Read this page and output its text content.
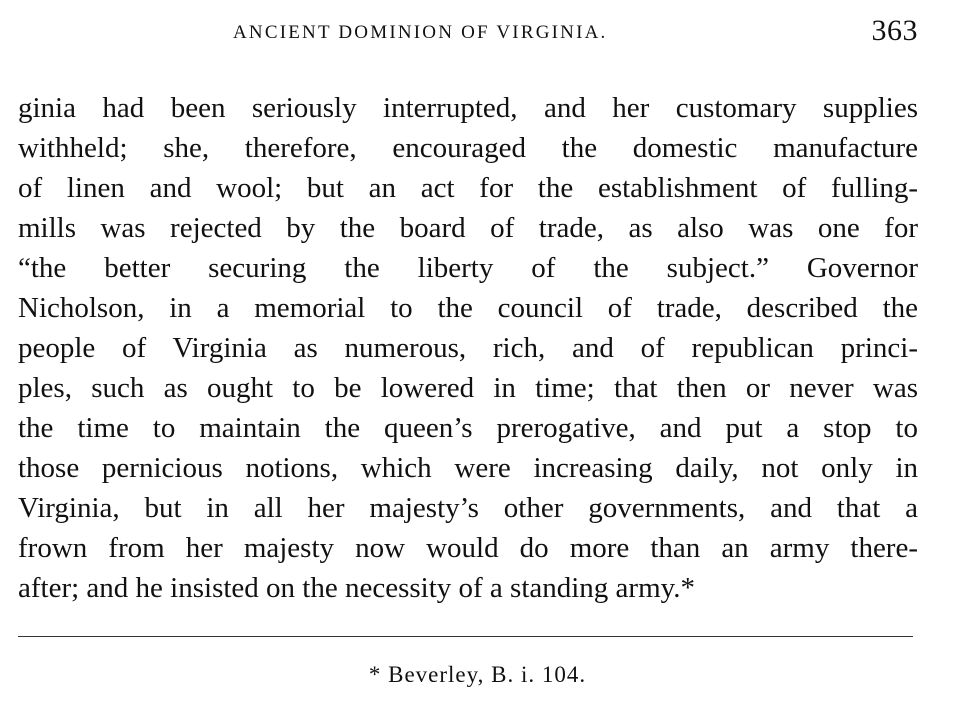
ANCIENT DOMINION OF VIRGINIA.	363
ginia had been seriously interrupted, and her customary supplies
withheld; she, therefore, encouraged the domestic manufacture
of linen and wool; but an act for the establishment of fulling-
mills was rejected by the board of trade, as also was one for
“the better securing the liberty of the subject.” Governor
Nicholson, in a memorial to the council of trade, described the
people of Virginia as numerous, rich, and of republican princi-
ples, such as ought to be lowered in time; that then or never was
the time to maintain the queen’s prerogative, and put a stop to
those pernicious notions, which were increasing daily, not only in
Virginia, but in all her majesty’s other governments, and that a
frown from her majesty now would do more than an army there-
after; and he insisted on the necessity of a standing army.*
* Beverley, B. i. 104.
